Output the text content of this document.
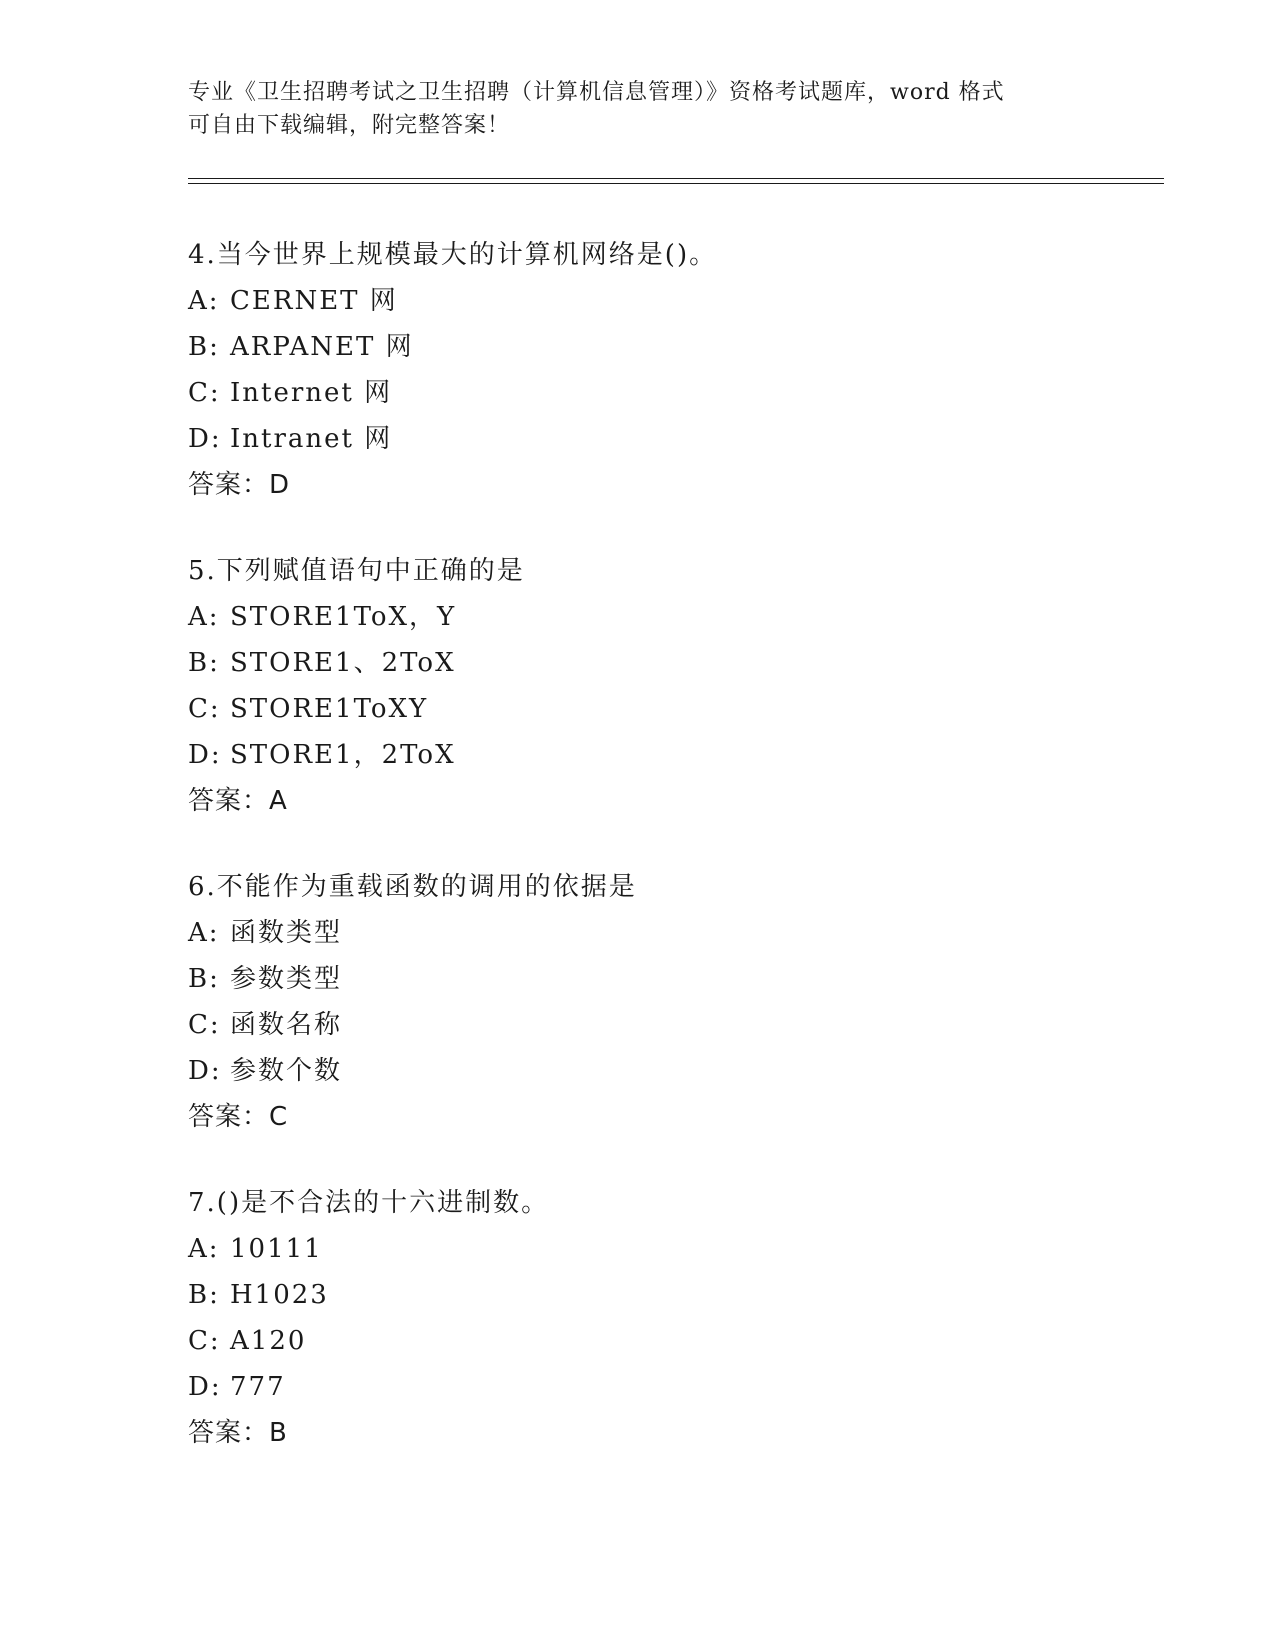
专业《卫生招聘考试之卫生招聘（计算机信息管理）》资格考试题库，word 格式
可自由下载编辑，附完整答案！
4.当今世界上规模最大的计算机网络是()。
A: CERNET 网
B: ARPANET 网
C: Internet 网
D: Intranet 网
答案：D
5.下列赋值语句中正确的是
A: STORE1ToX，Y
B: STORE1、2ToX
C: STORE1ToXY
D: STORE1，2ToX
答案：A
6.不能作为重载函数的调用的依据是
A: 函数类型
B: 参数类型
C: 函数名称
D: 参数个数
答案：C
7.()是不合法的十六进制数。
A: 10111
B: H1023
C: A120
D: 777
答案：B
